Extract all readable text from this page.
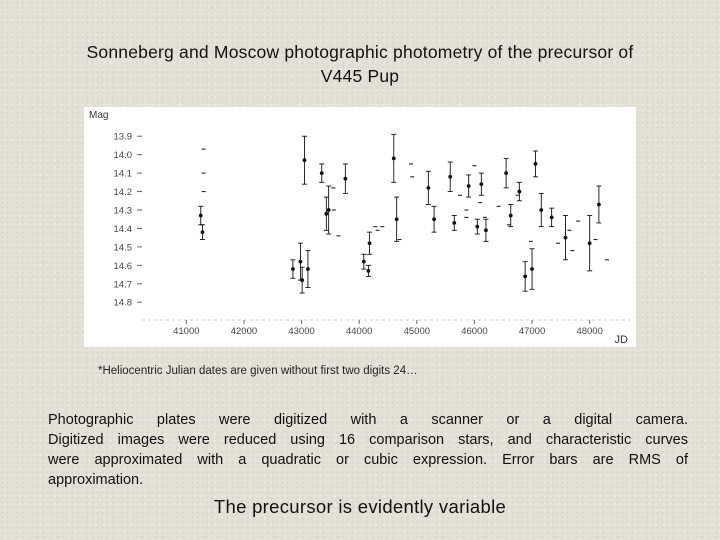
Sonneberg and Moscow photographic photometry of the precursor of
V445 Pup
Mag
JD
13.9
14.0
14.1
14.2
14.3
14.4
14.5
14.6
14.7
14.8
41000	42000	43000	44000	45000	46000	47000	48000
*Heliocentric Julian dates are given without first two digits 24…
Photographic plates were digitized with a scanner or a digital camera.
Digitized images were reduced using 16 comparison stars, and characteristic curves
were approximated with a quadratic or cubic expression. Error bars are RMS of
approximation.
The precursor is evidently variable
